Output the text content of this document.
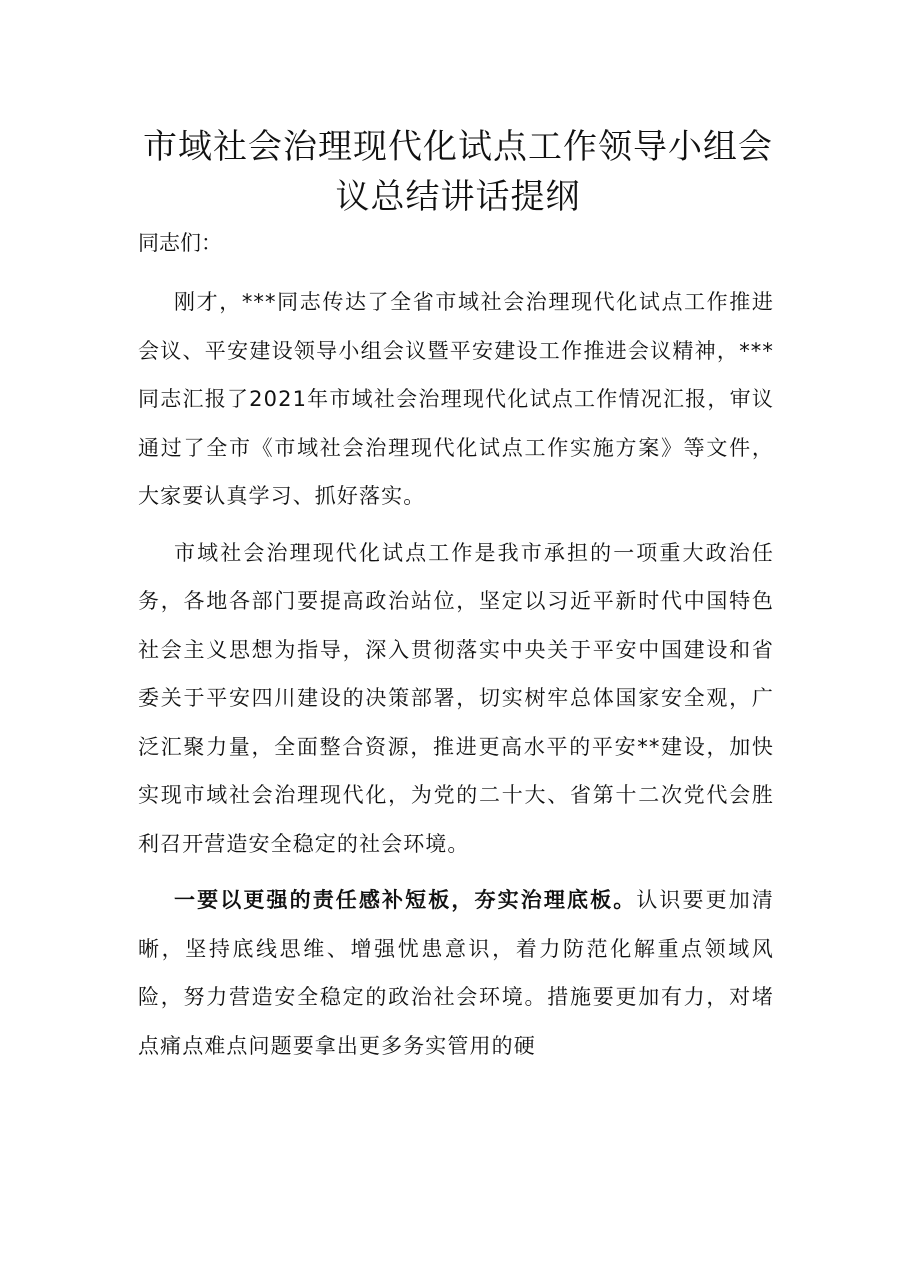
市域社会治理现代化试点工作领导小组会议总结讲话提纲

同志们：

刚才，***同志传达了全省市域社会治理现代化试点工作推进会议、平安建设领导小组会议暨平安建设工作推进会议精神，***同志汇报了2021年市域社会治理现代化试点工作情况汇报，审议通过了全市《市域社会治理现代化试点工作实施方案》等文件，大家要认真学习、抓好落实。

市域社会治理现代化试点工作是我市承担的一项重大政治任务，各地各部门要提高政治站位，坚定以习近平新时代中国特色社会主义思想为指导，深入贯彻落实中央关于平安中国建设和省委关于平安四川建设的决策部署，切实树牢总体国家安全观，广泛汇聚力量，全面整合资源，推进更高水平的平安**建设，加快实现市域社会治理现代化，为党的二十大、省第十二次党代会胜利召开营造安全稳定的社会环境。

一要以更强的责任感补短板，夯实治理底板。认识要更加清晰，坚持底线思维、增强忧患意识，着力防范化解重点领域风险，努力营造安全稳定的政治社会环境。措施要更加有力，对堵点痛点难点问题要拿出更多务实管用的硬
